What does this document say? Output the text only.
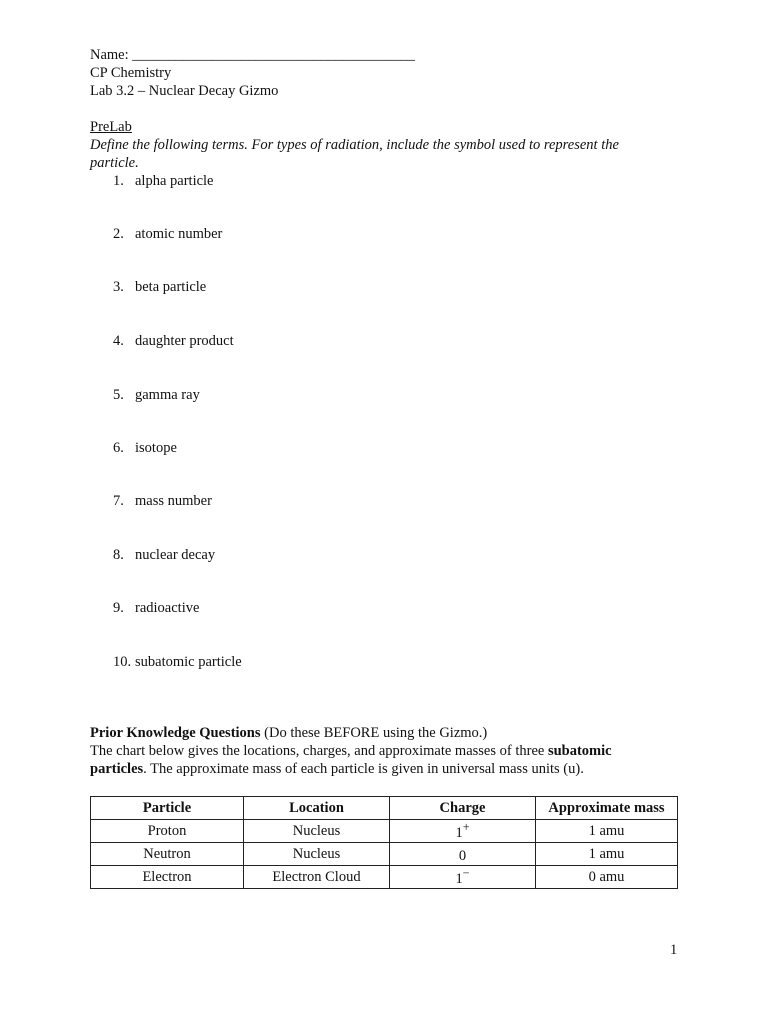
Name: _______________________________________
CP Chemistry
Lab 3.2 – Nuclear Decay Gizmo
PreLab
Define the following terms. For types of radiation, include the symbol used to represent the
particle.
1. alpha particle
2. atomic number
3. beta particle
4. daughter product
5. gamma ray
6. isotope
7. mass number
8. nuclear decay
9. radioactive
10. subatomic particle
Prior Knowledge Questions (Do these BEFORE using the Gizmo.)
The chart below gives the locations, charges, and approximate masses of three subatomic
particles. The approximate mass of each particle is given in universal mass units (u).
Particle	Location	Charge	Approximate mass
Proton	Nucleus	1+	1 amu
Neutron	Nucleus	0	1 amu
Electron	Electron Cloud	1−	0 amu
1
